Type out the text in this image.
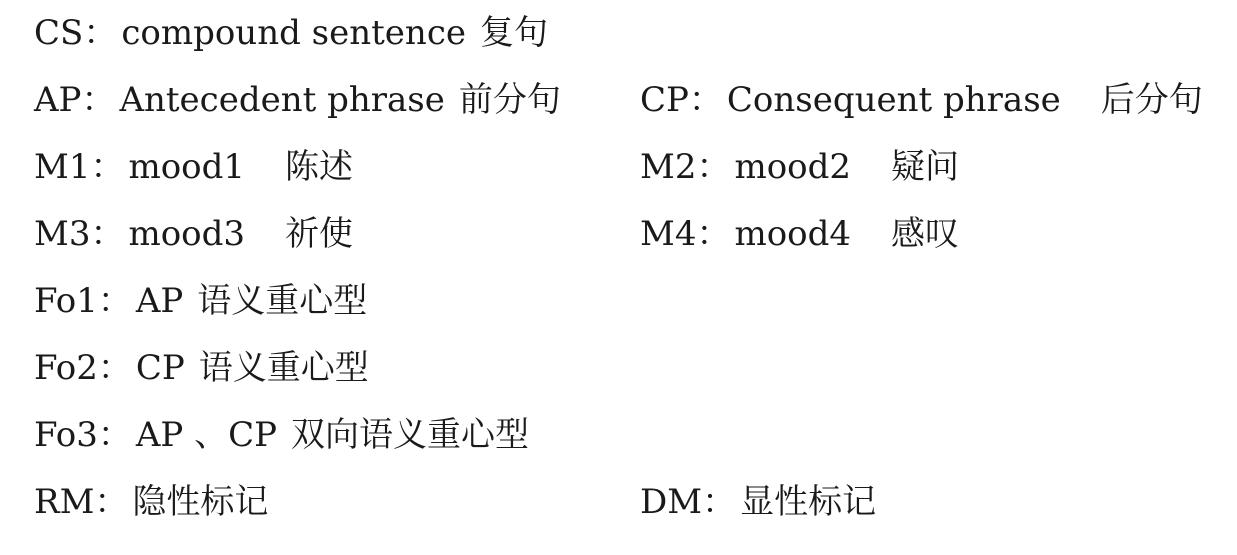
CS： compound sentence 复句
AP： Antecedent phrase 前分句 CP： Consequent phrase 后分句
M1： mood1 陈述	M2： mood2 疑问
M3： mood3 祈使	M4： mood4 感叹
Fo1： AP 语义重心型
Fo2： CP 语义重心型
Fo3： AP 、CP 双向语义重心型
RM： 隐性标记	DM： 显性标记
